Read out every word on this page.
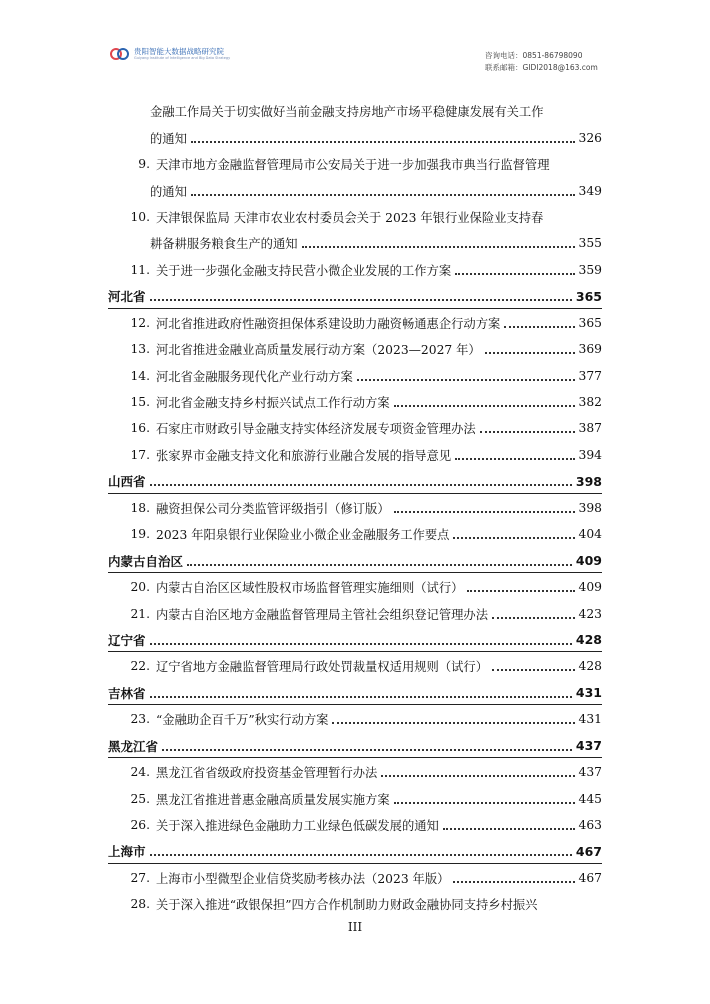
贵阳智能大数据战略研究院
Guiyang Institute of Intelligence and Big Data Strategy	咨询电话：0851-86798090
联系邮箱：GIDI2018@163.com
金融工作局关于切实做好当前金融支持房地产市场平稳健康发展有关工作
的通知	326
9. 天津市地方金融监督管理局市公安局关于进一步加强我市典当行监督管理
的通知	349
10. 天津银保监局 天津市农业农村委员会关于 2023 年银行业保险业支持春
耕备耕服务粮食生产的通知	355
11. 关于进一步强化金融支持民营小微企业发展的工作方案	359
河北省	365
12. 河北省推进政府性融资担保体系建设助力融资畅通惠企行动方案	365
13. 河北省推进金融业高质量发展行动方案（2023—2027 年）	369
14. 河北省金融服务现代化产业行动方案	377
15. 河北省金融支持乡村振兴试点工作行动方案	382
16. 石家庄市财政引导金融支持实体经济发展专项资金管理办法	387
17. 张家界市金融支持文化和旅游行业融合发展的指导意见	394
山西省	398
18. 融资担保公司分类监管评级指引（修订版）	398
19. 2023 年阳泉银行业保险业小微企业金融服务工作要点	404
内蒙古自治区	409
20. 内蒙古自治区区域性股权市场监督管理实施细则（试行）	409
21. 内蒙古自治区地方金融监督管理局主管社会组织登记管理办法	423
辽宁省	428
22. 辽宁省地方金融监督管理局行政处罚裁量权适用规则（试行）	428
吉林省	431
23. “金融助企百千万”秋实行动方案	431
黑龙江省	437
24. 黑龙江省省级政府投资基金管理暂行办法	437
25. 黑龙江省推进普惠金融高质量发展实施方案	445
26. 关于深入推进绿色金融助力工业绿色低碳发展的通知	463
上海市	467
27. 上海市小型微型企业信贷奖励考核办法（2023 年版）	467
28. 关于深入推进“政银保担”四方合作机制助力财政金融协同支持乡村振兴
III
